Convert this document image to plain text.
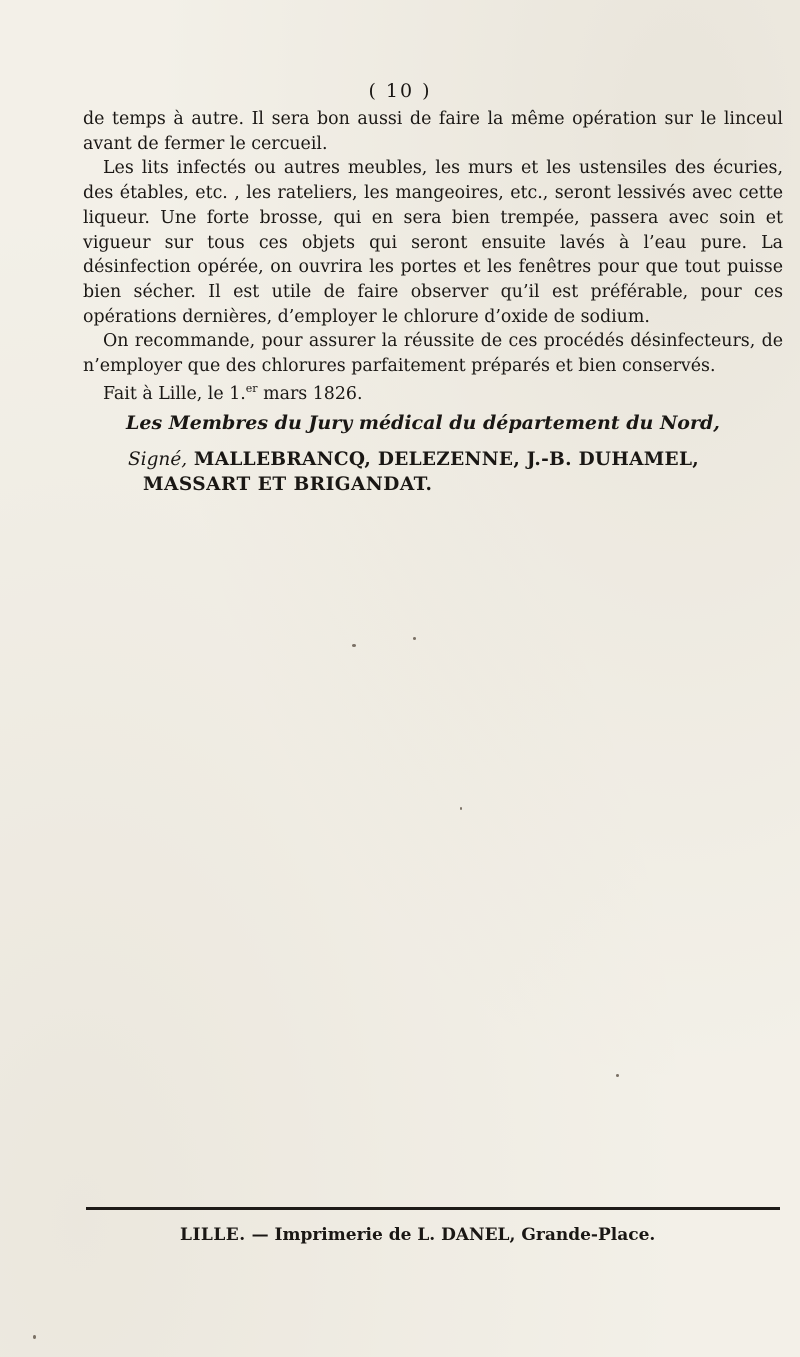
( 10 )

de temps à autre. Il sera bon aussi de faire la même opération sur le linceul avant de fermer le cercueil.

Les lits infectés ou autres meubles, les murs et les ustensiles des écuries, des étables, etc. , les rateliers, les mangeoires, etc., seront lessivés avec cette liqueur. Une forte brosse, qui en sera bien trempée, passera avec soin et vigueur sur tous ces objets qui seront ensuite lavés à l’eau pure. La désinfection opérée, on ouvrira les portes et les fenêtres pour que tout puisse bien sécher. Il est utile de faire observer qu’il est préférable, pour ces opérations dernières, d’employer le chlorure d’oxide de sodium.

On recommande, pour assurer la réussite de ces procédés désinfecteurs, de n’employer que des chlorures parfaitement préparés et bien conservés.

Fait à Lille, le 1.$^{er}$ mars 1826.
Les Membres du Jury médical du département du Nord,
Signé, MALLEBRANCQ, DELEZENNE, J.-B. DUHAMEL,
MASSART ET BRIGANDAT.
LILLE. — Imprimerie de L. DANEL, Grande-Place.
